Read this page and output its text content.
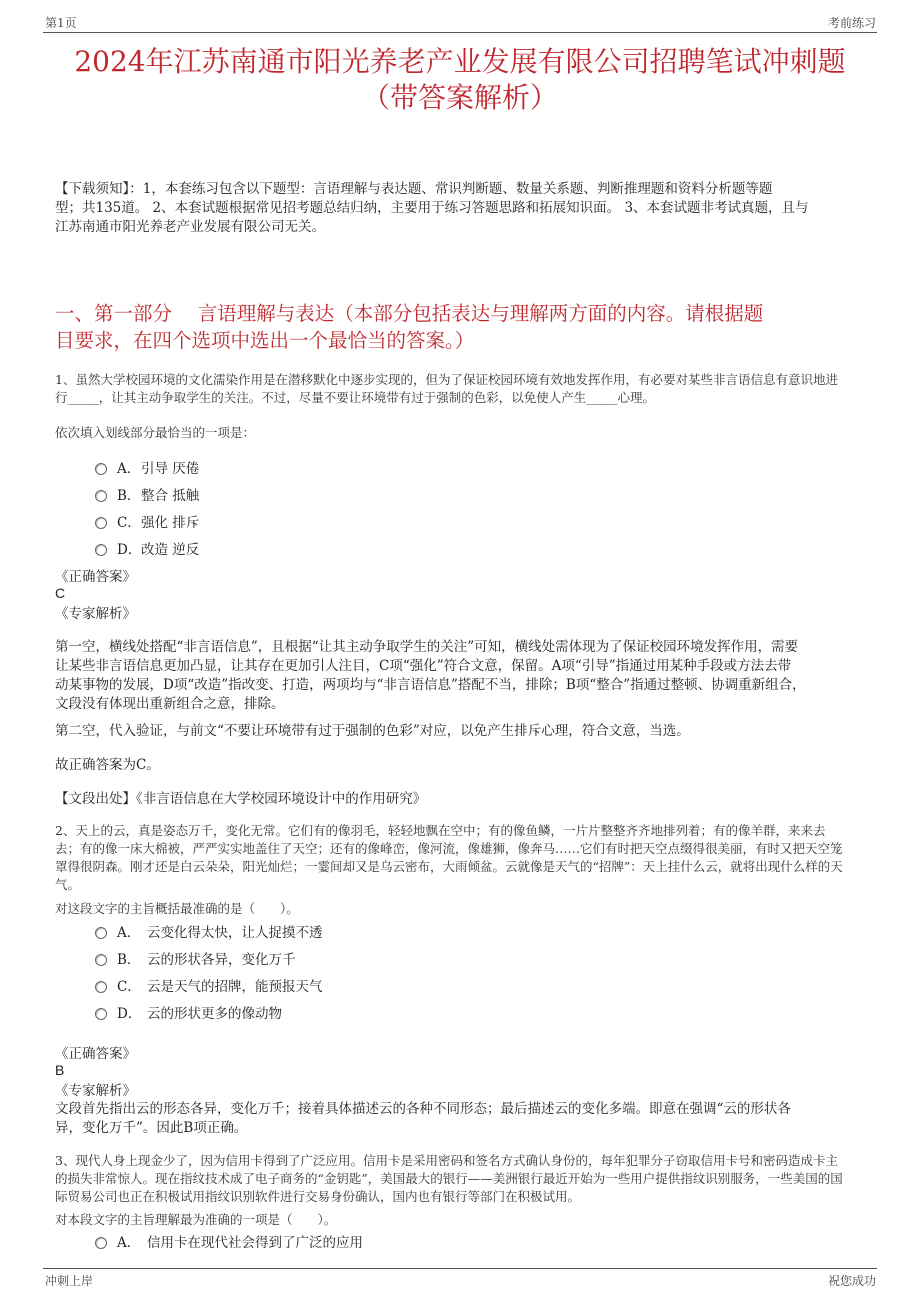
第1页	考前练习
2024年江苏南通市阳光养老产业发展有限公司招聘笔试冲刺题
（带答案解析）
【下载须知】：1，本套练习包含以下题型：言语理解与表达题、常识判断题、数量关系题、判断推理题和资料分析题等题
型；共135道。 2、本套试题根据常见招考题总结归纳，主要用于练习答题思路和拓展知识面。 3、本套试题非考试真题，且与
江苏南通市阳光养老产业发展有限公司无关。
一、第一部分　 言语理解与表达（本部分包括表达与理解两方面的内容。请根据题
目要求，在四个选项中选出一个最恰当的答案。）
1、虽然大学校园环境的文化濡染作用是在潜移默化中逐步实现的，但为了保证校园环境有效地发挥作用，有必要对某些非言语信息有意识地进
行_____，让其主动争取学生的关注。不过，尽量不要让环境带有过于强制的色彩，以免使人产生_____心理。
依次填入划线部分最恰当的一项是：
A． 引导 厌倦
B． 整合 抵触
C． 强化 排斥
D． 改造 逆反
《正确答案》
C
《专家解析》
第一空，横线处搭配“非言语信息”，且根据“让其主动争取学生的关注”可知，横线处需体现为了保证校园环境发挥作用，需要
让某些非言语信息更加凸显，让其存在更加引人注目，C项“强化”符合文意，保留。A项“引导”指通过用某种手段或方法去带
动某事物的发展，D项“改造”指改变、打造，两项均与“非言语信息”搭配不当，排除；B项“整合”指通过整顿、协调重新组合，
文段没有体现出重新组合之意，排除。
第二空，代入验证，与前文“不要让环境带有过于强制的色彩”对应，以免产生排斥心理，符合文意，当选。
故正确答案为C。
【文段出处】《非言语信息在大学校园环境设计中的作用研究》
2、天上的云，真是姿态万千，变化无常。它们有的像羽毛，轻轻地飘在空中；有的像鱼鳞，一片片整整齐齐地排列着；有的像羊群，来来去
去；有的像一床大棉被，严严实实地盖住了天空；还有的像峰峦，像河流，像雄狮，像奔马……它们有时把天空点缀得很美丽，有时又把天空笼
罩得很阴森。刚才还是白云朵朵，阳光灿烂；一霎间却又是乌云密布，大雨倾盆。云就像是天气的“招牌”：天上挂什么云，就将出现什么样的天
气。
对这段文字的主旨概括最准确的是（　　）。
A． 云变化得太快，让人捉摸不透
B． 云的形状各异，变化万千
C． 云是天气的招牌，能预报天气
D． 云的形状更多的像动物
《正确答案》
B
《专家解析》
文段首先指出云的形态各异，变化万千；接着具体描述云的各种不同形态；最后描述云的变化多端。即意在强调“云的形状各
异，变化万千”。因此B项正确。
3、现代人身上现金少了，因为信用卡得到了广泛应用。信用卡是采用密码和签名方式确认身份的，每年犯罪分子窃取信用卡号和密码造成卡主
的损失非常惊人。现在指纹技术成了电子商务的“金钥匙”，美国最大的银行——美洲银行最近开始为一些用户提供指纹识别服务，一些美国的国
际贸易公司也正在积极试用指纹识别软件进行交易身份确认，国内也有银行等部门在积极试用。
对本段文字的主旨理解最为准确的一项是（　　）。
A． 信用卡在现代社会得到了广泛的应用
冲刺上岸	祝您成功
